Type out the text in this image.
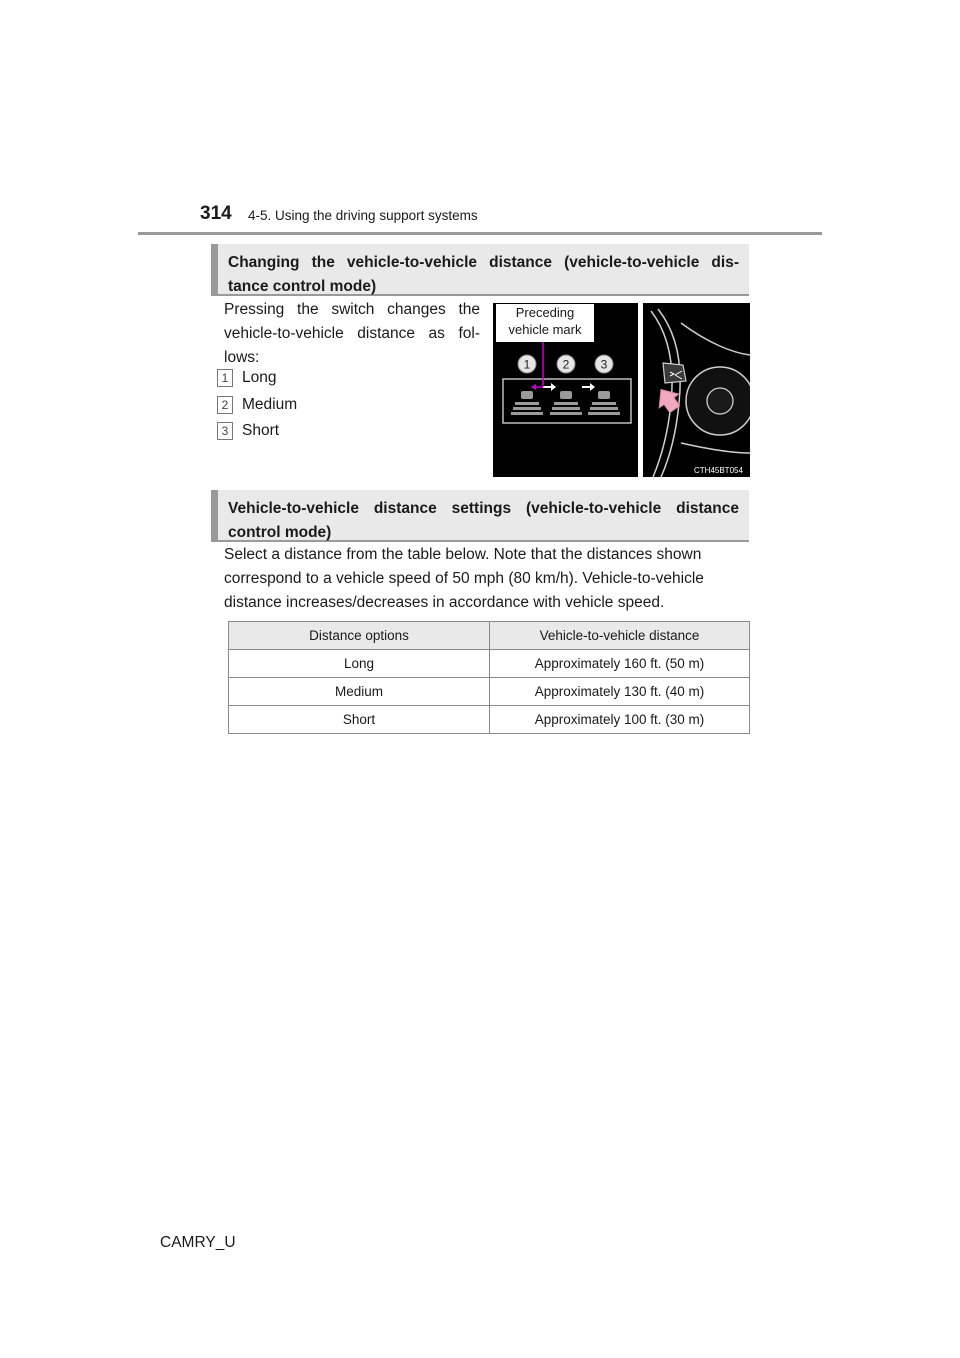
314 4-5. Using the driving support systems
Changing the vehicle-to-vehicle distance (vehicle-to-vehicle dis- tance control mode)
Pressing the switch changes the vehicle-to-vehicle distance as fol- lows:
1 Long
2 Medium
3 Short
1	2	3
Preceding
vehicle mark
CTH45BT054
Vehicle-to-vehicle distance settings (vehicle-to-vehicle distance control mode)
Select a distance from the table below. Note that the distances shown
correspond to a vehicle speed of 50 mph (80 km/h). Vehicle-to-vehicle
distance increases/decreases in accordance with vehicle speed.
Distance options	Vehicle-to-vehicle distance
Long	Approximately 160 ft. (50 m)
Medium	Approximately 130 ft. (40 m)
Short	Approximately 100 ft. (30 m)
CAMRY_U
